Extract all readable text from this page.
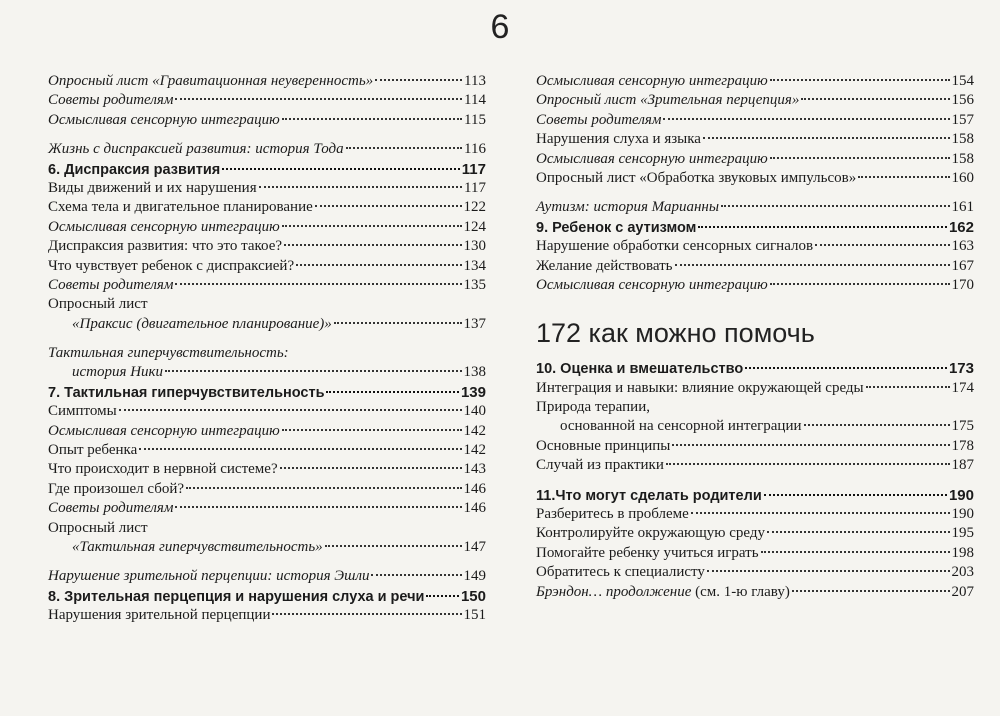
6
Опросный лист «Гравитационная неуверенность»	113
Советы родителям	114
Осмысливая сенсорную интеграцию	115
Жизнь с диспраксией развития: история Тода	116
6. Диспраксия развития	117
Виды движений и их нарушения	117
Схема тела и двигательное планирование	122
Осмысливая сенсорную интеграцию	124
Диспраксия развития: что это такое?	130
Что чувствует ребенок с диспраксией?	134
Советы родителям	135
Опросный лист
«Праксис (двигательное планирование)»	137
Тактильная гиперчувствительность:
история Ники	138
7. Тактильная гиперчувствительность	139
Симптомы	140
Осмысливая сенсорную интеграцию	142
Опыт ребенка	142
Что происходит в нервной системе?	143
Где произошел сбой?	146
Советы родителям	146
Опросный лист
«Тактильная гиперчувствительность»	147
Нарушение зрительной перцепции: история Эшли	149
8. Зрительная перцепция и нарушения слуха и речи 150
Нарушения зрительной перцепции	151
Осмысливая сенсорную интеграцию	154
Опросный лист «Зрительная перцепция»	156
Советы родителям	157
Нарушения слуха и языка	158
Осмысливая сенсорную интеграцию	158
Опросный лист «Обработка звуковых импульсов»	160
Аутизм: история Марианны	161
9. Ребенок с аутизмом	162
Нарушение обработки сенсорных сигналов	163
Желание действовать	167
Осмысливая сенсорную интеграцию	170
172 как можно помочь
10. Оценка и вмешательство	173
Интеграция и навыки: влияние окружающей среды	174
Природа терапии,
основанной на сенсорной интеграции	175
Основные принципы	178
Случай из практики	187
11.Что могут сделать родители	190
Разберитесь в проблеме	190
Контролируйте окружающую среду	195
Помогайте ребенку учиться играть	198
Обратитесь к специалисту	203
Брэндон… продолжение (см. 1-ю главу)	207
